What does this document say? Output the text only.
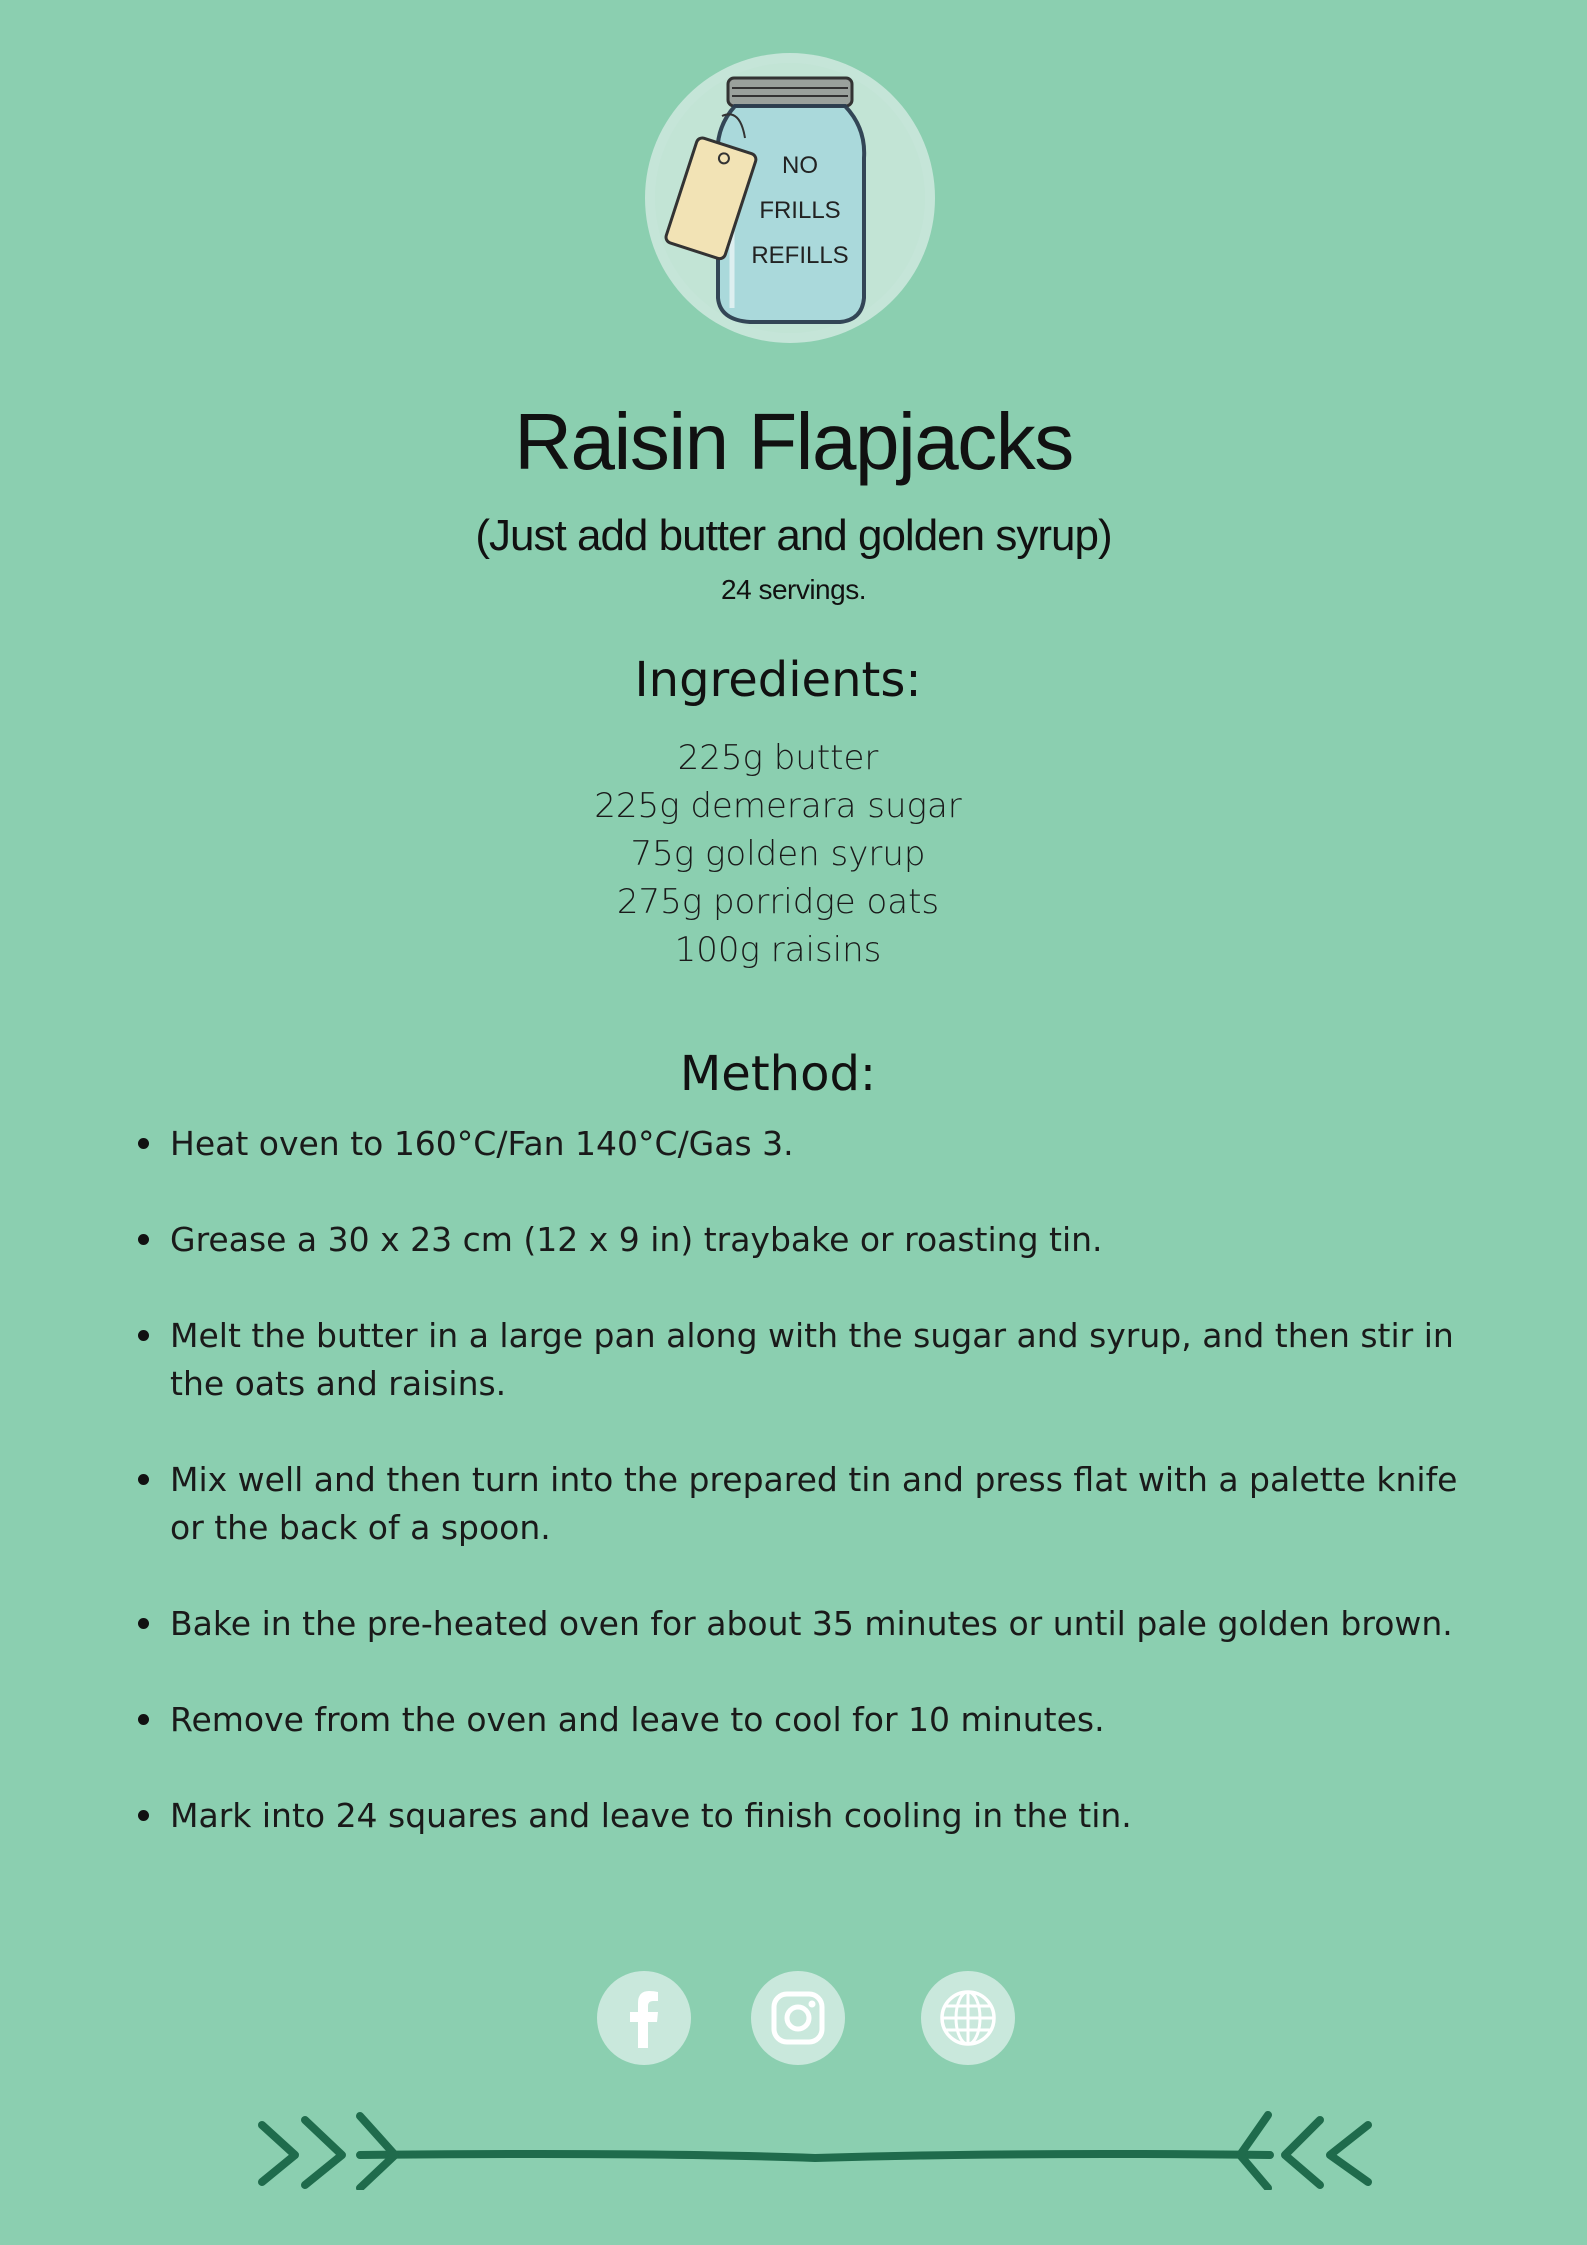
NO
FRILLS
REFILLS
Raisin Flapjacks
(Just add butter and golden syrup)
24 servings.
Ingredients:
225g butter
225g demerara sugar
75g golden syrup
275g porridge oats
100g raisins
Method:
Heat oven to 160°C/Fan 140°C/Gas 3.
Grease a 30 x 23 cm (12 x 9 in) traybake or roasting tin.
Melt the butter in a large pan along with the sugar and syrup, and then stir in the oats and raisins.
Mix well and then turn into the prepared tin and press flat with a palette knife or the back of a spoon.
Bake in the pre-heated oven for about 35 minutes or until pale golden brown.
Remove from the oven and leave to cool for 10 minutes.
Mark into 24 squares and leave to finish cooling in the tin.
